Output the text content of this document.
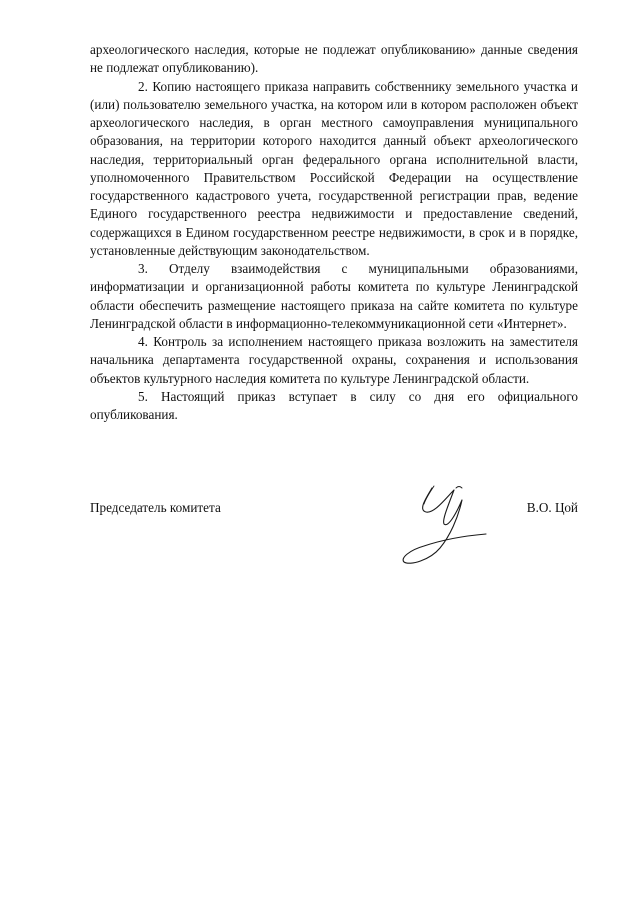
археологического наследия, которые не подлежат опубликованию» данные сведения не подлежат опубликованию).

2. Копию настоящего приказа направить собственнику земельного участка и (или) пользователю земельного участка, на котором или в котором расположен объект археологического наследия, в орган местного самоуправления муниципального образования, на территории которого находится данный объект археологического наследия, территориальный орган федерального органа исполнительной власти, уполномоченного Правительством Российской Федерации на осуществление государственного кадастрового учета, государственной регистрации прав, ведение Единого государственного реестра недвижимости и предоставление сведений, содержащихся в Едином государственном реестре недвижимости, в срок и в порядке, установленные действующим законодательством.

3. Отделу взаимодействия с муниципальными образованиями, информатизации и организационной работы комитета по культуре Ленинградской области обеспечить размещение настоящего приказа на сайте комитета по культуре Ленинградской области в информационно-телекоммуникационной сети «Интернет».

4. Контроль за исполнением настоящего приказа возложить на заместителя начальника департамента государственной охраны, сохранения и использования объектов культурного наследия комитета по культуре Ленинградской области.

5. Настоящий приказ вступает в силу со дня его официального опубликования.

Председатель комитета	В.О. Цой
